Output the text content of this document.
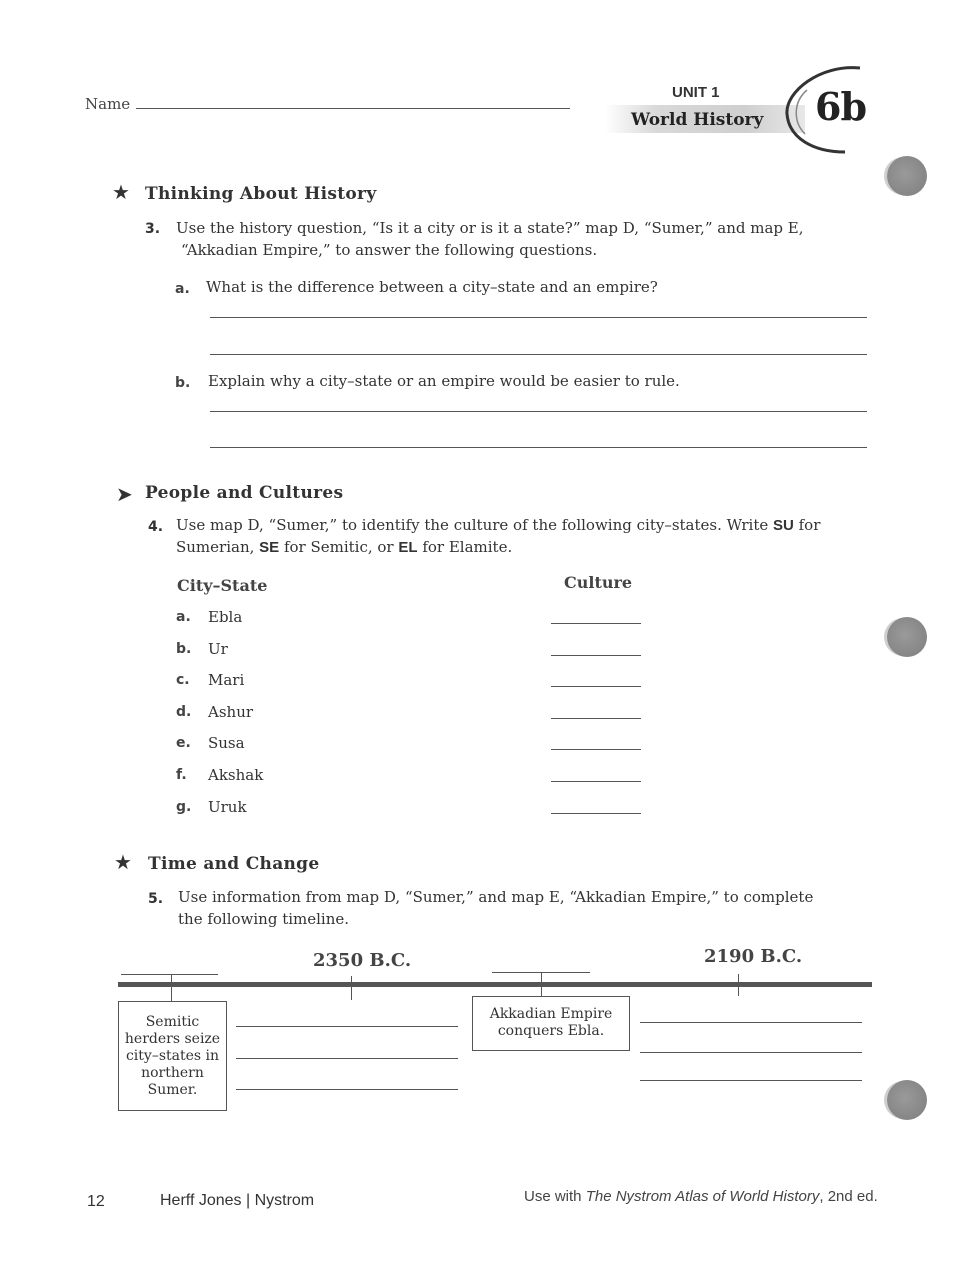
Name
UNIT 1
World History 6b
★ Thinking About History
3. Use the history question, “Is it a city or is it a state?” map D, “Sumer,” and map E,
“Akkadian Empire,” to answer the following questions.
a. What is the difference between a city–state and an empire?
b. Explain why a city–state or an empire would be easier to rule.
➤ People and Cultures
4. Use map D, “Sumer,” to identify the culture of the following city–states. Write SU for
Sumerian, SE for Semitic, or EL for Elamite.
City–State	Culture
a. Ebla
b. Ur
c. Mari
d. Ashur
e. Susa
f. Akshak
g. Uruk
★ Time and Change
5. Use information from map D, “Sumer,” and map E, “Akkadian Empire,” to complete
the following timeline.
2350 B.C.	2190 B.C.
Semitic
herders seize
city–states in
northern
Sumer.
Akkadian Empire
conquers Ebla.
12	Herff Jones | Nystrom	Use with The Nystrom Atlas of World History, 2nd ed.
